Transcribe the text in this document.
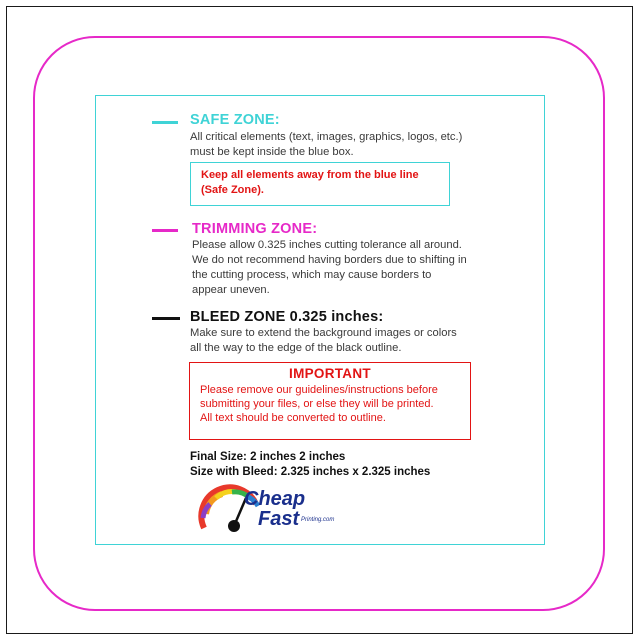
SAFE ZONE:
All critical elements (text, images, graphics, logos, etc.)
must be kept inside the blue box.
Keep all elements away from the blue line
(Safe Zone).
TRIMMING ZONE:
Please allow 0.325 inches cutting tolerance all around.
We do not recommend having borders due to shifting in
the cutting process, which may cause borders to
appear uneven.
BLEED ZONE 0.325 inches:
Make sure to extend the background images or colors
all the way to the edge of the black outline.
IMPORTANT
Please remove our guidelines/instructions before
submitting your files, or else they will be printed.
All text should be converted to outline.
Final Size: 2 inches 2 inches
Size with Bleed: 2.325 inches x 2.325 inches
Cheap
Fast Printing.com
